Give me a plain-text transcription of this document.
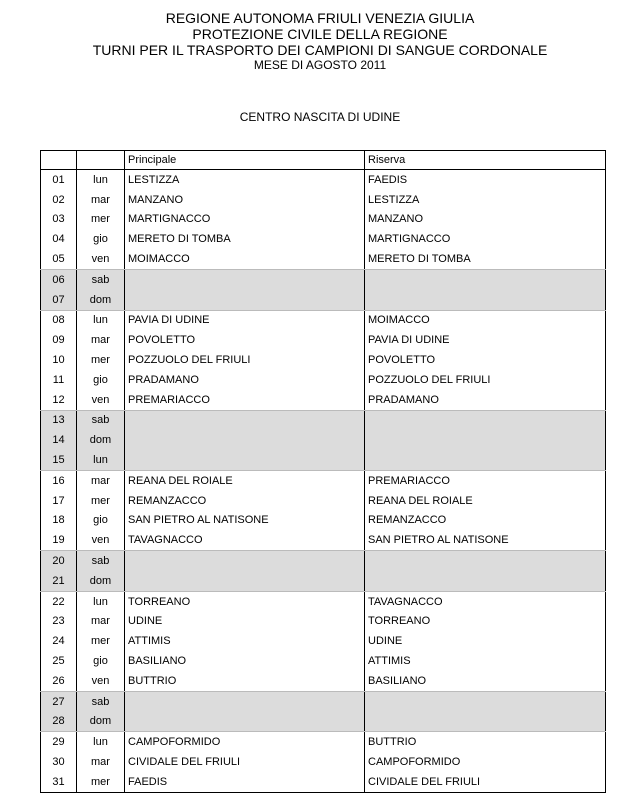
REGIONE AUTONOMA FRIULI VENEZIA GIULIA
PROTEZIONE CIVILE DELLA REGIONE
TURNI PER IL TRASPORTO DEI CAMPIONI DI SANGUE CORDONALE
MESE DI AGOSTO 2011
CENTRO NASCITA DI UDINE
		Principale	Riserva
01	lun	LESTIZZA	FAEDIS
02	mar	MANZANO	LESTIZZA
03	mer	MARTIGNACCO	MANZANO
04	gio	MERETO DI TOMBA	MARTIGNACCO
05	ven	MOIMACCO	MERETO DI TOMBA
06	sab		
07	dom		
08	lun	PAVIA DI UDINE	MOIMACCO
09	mar	POVOLETTO	PAVIA DI UDINE
10	mer	POZZUOLO DEL FRIULI	POVOLETTO
11	gio	PRADAMANO	POZZUOLO DEL FRIULI
12	ven	PREMARIACCO	PRADAMANO
13	sab		
14	dom		
15	lun		
16	mar	REANA DEL ROIALE	PREMARIACCO
17	mer	REMANZACCO	REANA DEL ROIALE
18	gio	SAN PIETRO AL NATISONE	REMANZACCO
19	ven	TAVAGNACCO	SAN PIETRO AL NATISONE
20	sab		
21	dom		
22	lun	TORREANO	TAVAGNACCO
23	mar	UDINE	TORREANO
24	mer	ATTIMIS	UDINE
25	gio	BASILIANO	ATTIMIS
26	ven	BUTTRIO	BASILIANO
27	sab		
28	dom		
29	lun	CAMPOFORMIDO	BUTTRIO
30	mar	CIVIDALE DEL FRIULI	CAMPOFORMIDO
31	mer	FAEDIS	CIVIDALE DEL FRIULI
